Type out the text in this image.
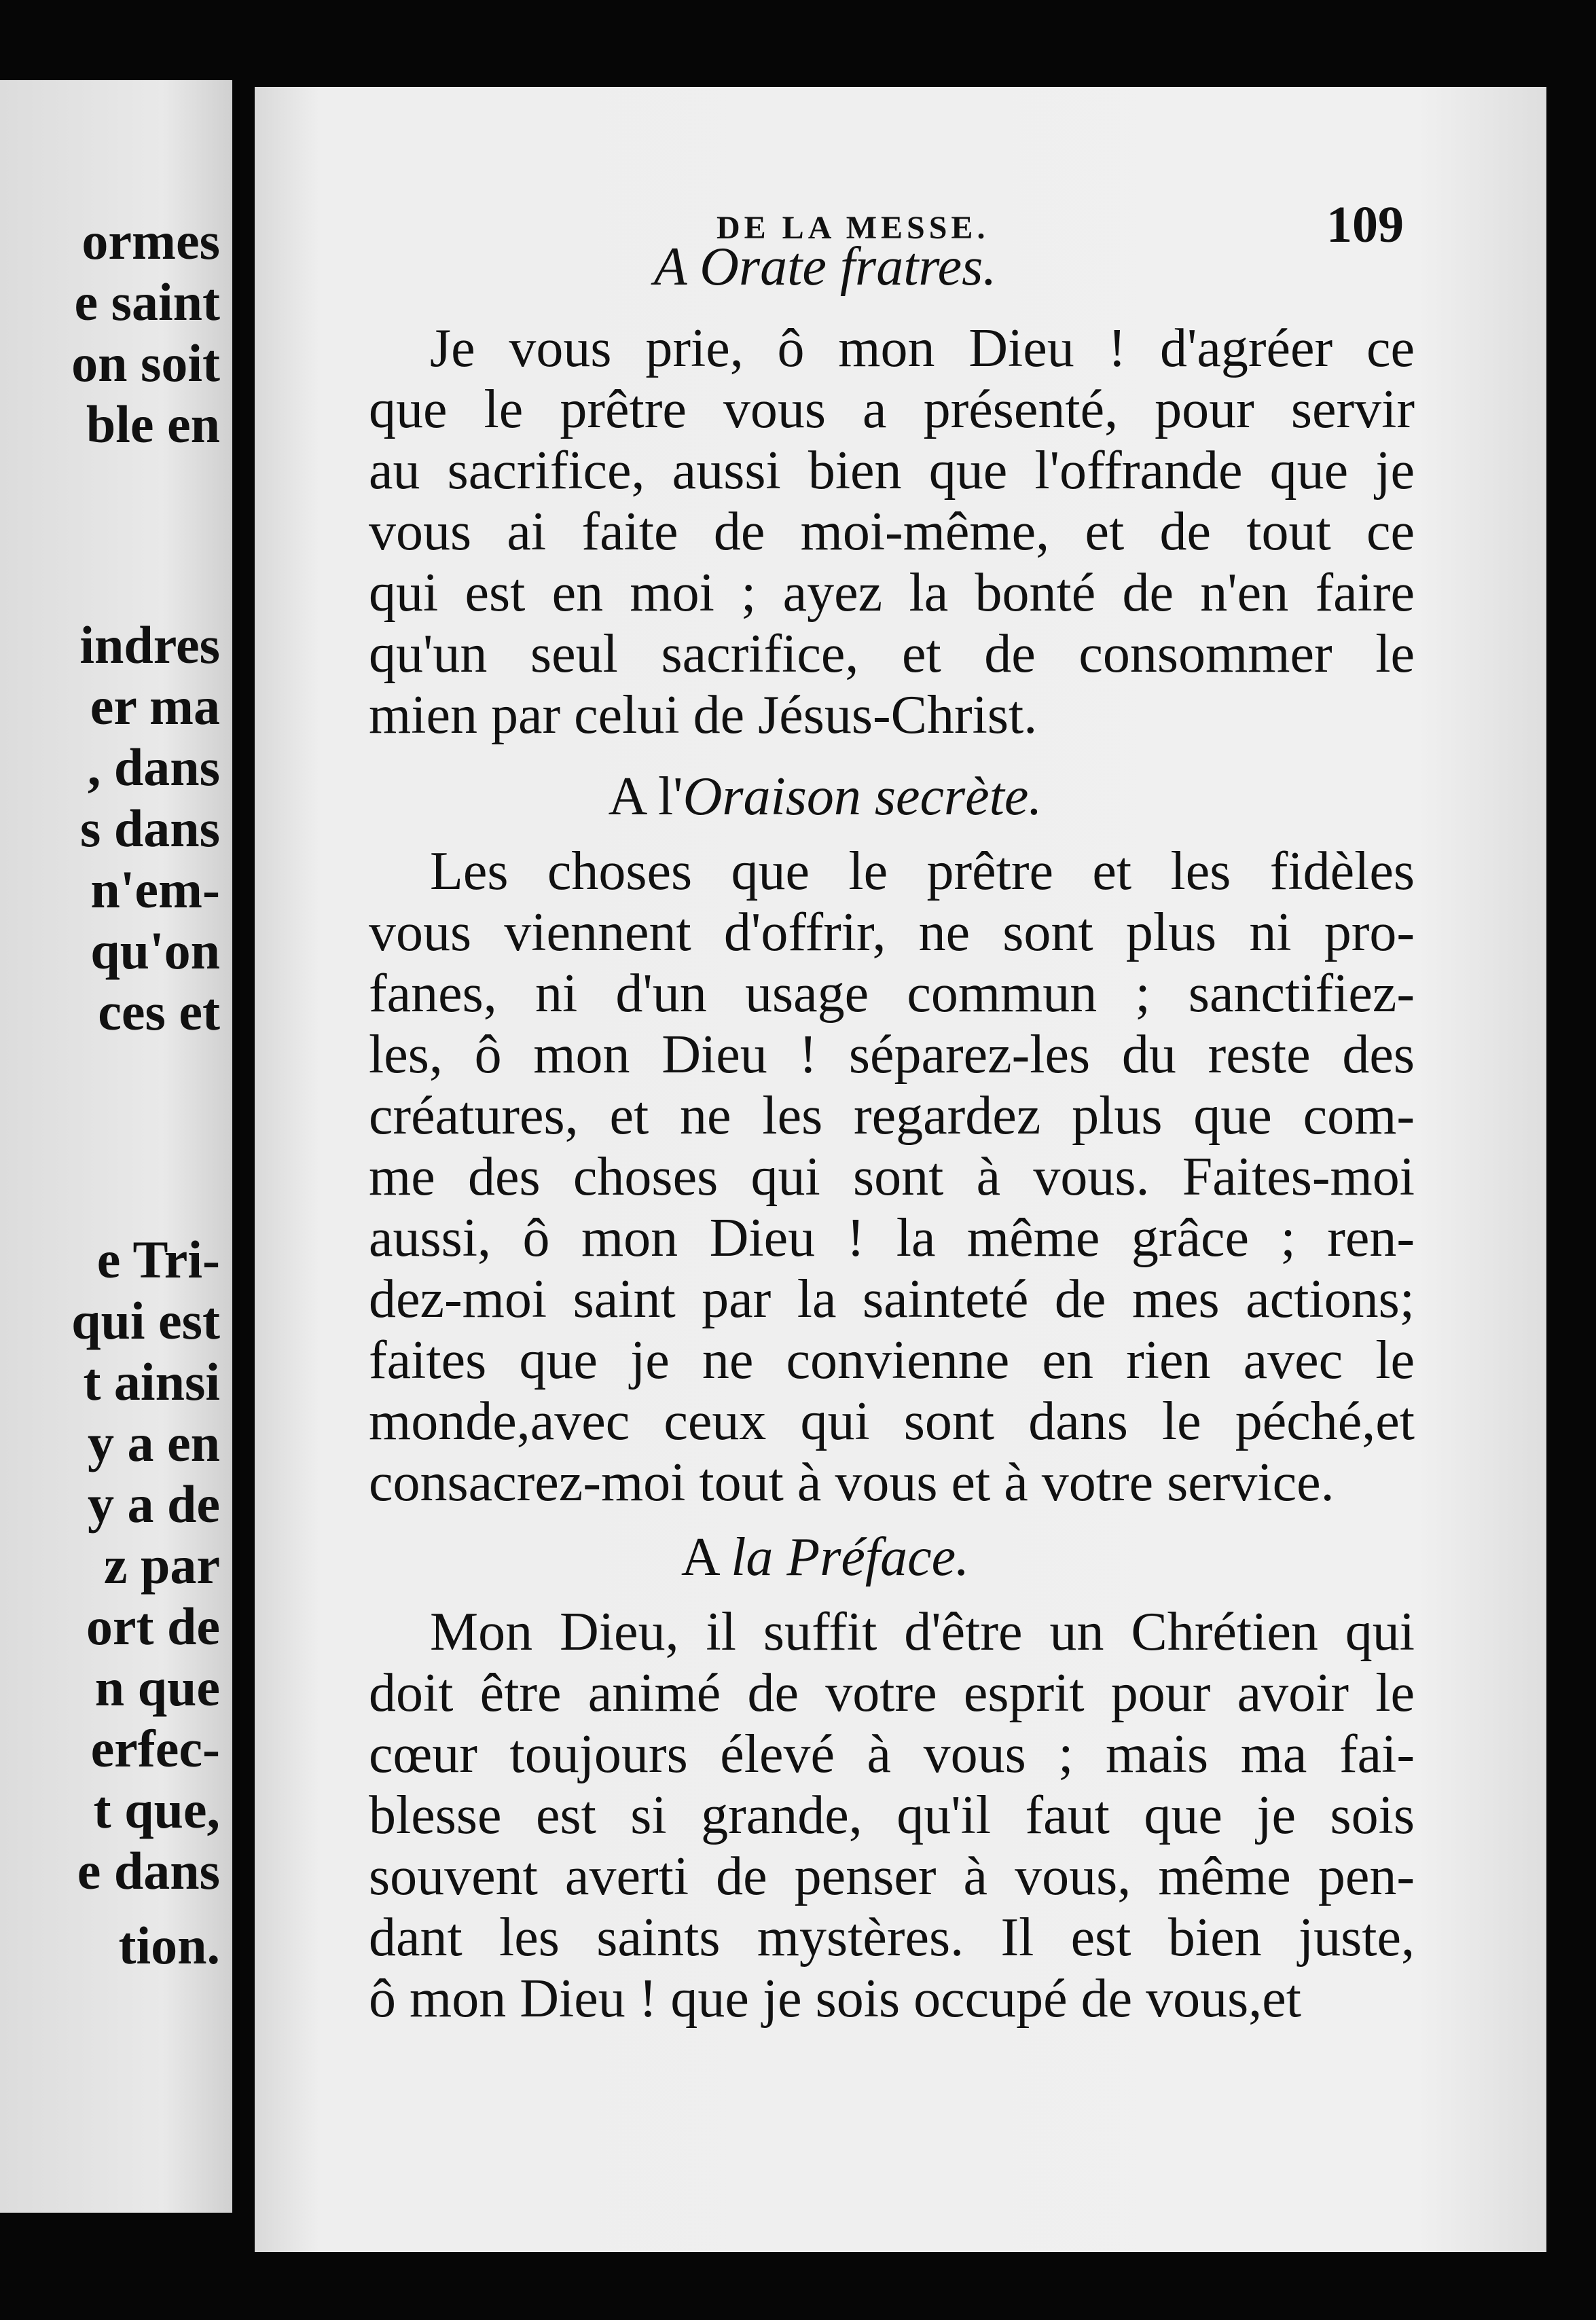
ormes

e saint

on soit

ble en

indres

er ma

, dans

s dans

n'em-

qu'on

ces et

e Tri-

qui est

t ainsi

y a en

y a de

z par

ort de

n que

erfec-

t que,

e dans

tion.

DE LA MESSE.	109

A Orate fratres.

Je vous prie, ô mon Dieu ! d'agréer ce

que le prêtre vous a présenté, pour servir

au sacrifice, aussi bien que l'offrande que je

vous ai faite de moi-même, et de tout ce

qui est en moi ; ayez la bonté de n'en faire

qu'un seul sacrifice, et de consommer le

mien par celui de Jésus-Christ.

A l'Oraison secrète.

Les choses que le prêtre et les fidèles

vous viennent d'offrir, ne sont plus ni pro-

fanes, ni d'un usage commun ; sanctifiez-

les, ô mon Dieu ! séparez-les du reste des

créatures, et ne les regardez plus que com-

me des choses qui sont à vous. Faites-moi

aussi, ô mon Dieu ! la même grâce ; ren-

dez-moi saint par la sainteté de mes actions;

faites que je ne convienne en rien avec le

monde,avec ceux qui sont dans le péché,et

consacrez-moi tout à vous et à votre service.

A la Préface.

Mon Dieu, il suffit d'être un Chrétien qui

doit être animé de votre esprit pour avoir le

cœur toujours élevé à vous ; mais ma fai-

blesse est si grande, qu'il faut que je sois

souvent averti de penser à vous, même pen-

dant les saints mystères. Il est bien juste,

ô mon Dieu ! que je sois occupé de vous,et
